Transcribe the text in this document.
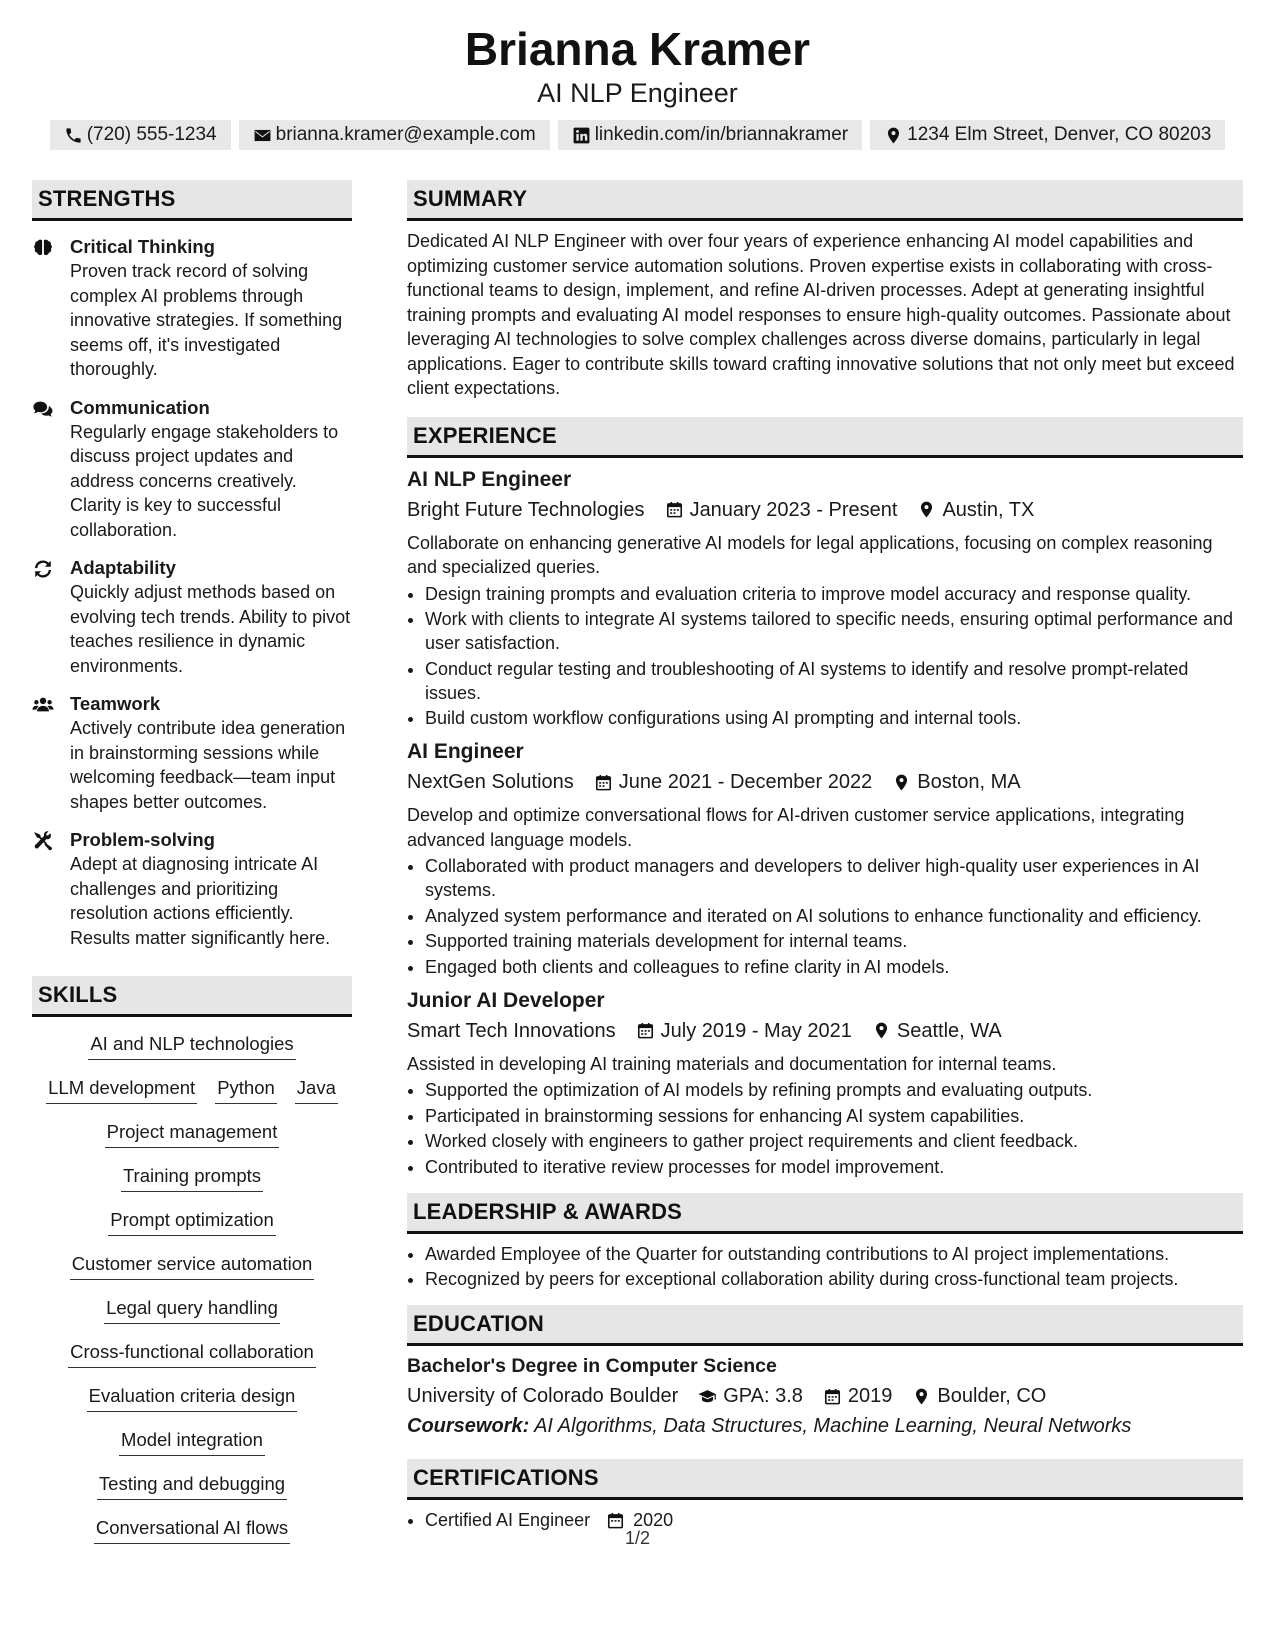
Brianna Kramer
AI NLP Engineer
(720) 555-1234	brianna.kramer@example.com	linkedin.com/in/briannakramer	1234 Elm Street, Denver, CO 80203
STRENGTHS
Critical Thinking
Proven track record of solving complex AI problems through innovative strategies. If something seems off, it's investigated thoroughly.
Communication
Regularly engage stakeholders to discuss project updates and address concerns creatively. Clarity is key to successful collaboration.
Adaptability
Quickly adjust methods based on evolving tech trends. Ability to pivot teaches resilience in dynamic environments.
Teamwork
Actively contribute idea generation in brainstorming sessions while welcoming feedback—team input shapes better outcomes.
Problem-solving
Adept at diagnosing intricate AI challenges and prioritizing resolution actions efficiently. Results matter significantly here.
SKILLS
AI and NLP technologies
LLM development Python Java
Project management
Training prompts
Prompt optimization
Customer service automation
Legal query handling
Cross-functional collaboration
Evaluation criteria design
Model integration
Testing and debugging
Conversational AI flows
SUMMARY
Dedicated AI NLP Engineer with over four years of experience enhancing AI model capabilities and optimizing customer service automation solutions. Proven expertise exists in collaborating with cross-functional teams to design, implement, and refine AI-driven processes. Adept at generating insightful training prompts and evaluating AI model responses to ensure high-quality outcomes. Passionate about leveraging AI technologies to solve complex challenges across diverse domains, particularly in legal applications. Eager to contribute skills toward crafting innovative solutions that not only meet but exceed client expectations.
EXPERIENCE
AI NLP Engineer
Bright Future Technologies January 2023 - Present Austin, TX
Collaborate on enhancing generative AI models for legal applications, focusing on complex reasoning and specialized queries.
• Design training prompts and evaluation criteria to improve model accuracy and response quality.
• Work with clients to integrate AI systems tailored to specific needs, ensuring optimal performance and user satisfaction.
• Conduct regular testing and troubleshooting of AI systems to identify and resolve prompt-related issues.
• Build custom workflow configurations using AI prompting and internal tools.
AI Engineer
NextGen Solutions June 2021 - December 2022 Boston, MA
Develop and optimize conversational flows for AI-driven customer service applications, integrating advanced language models.
• Collaborated with product managers and developers to deliver high-quality user experiences in AI systems.
• Analyzed system performance and iterated on AI solutions to enhance functionality and efficiency.
• Supported training materials development for internal teams.
• Engaged both clients and colleagues to refine clarity in AI models.
Junior AI Developer
Smart Tech Innovations July 2019 - May 2021 Seattle, WA
Assisted in developing AI training materials and documentation for internal teams.
• Supported the optimization of AI models by refining prompts and evaluating outputs.
• Participated in brainstorming sessions for enhancing AI system capabilities.
• Worked closely with engineers to gather project requirements and client feedback.
• Contributed to iterative review processes for model improvement.
LEADERSHIP & AWARDS
• Awarded Employee of the Quarter for outstanding contributions to AI project implementations.
• Recognized by peers for exceptional collaboration ability during cross-functional team projects.
EDUCATION
Bachelor's Degree in Computer Science
University of Colorado Boulder GPA: 3.8 2019 Boulder, CO
Coursework: AI Algorithms, Data Structures, Machine Learning, Neural Networks
CERTIFICATIONS
• Certified AI Engineer 2020
1/2
